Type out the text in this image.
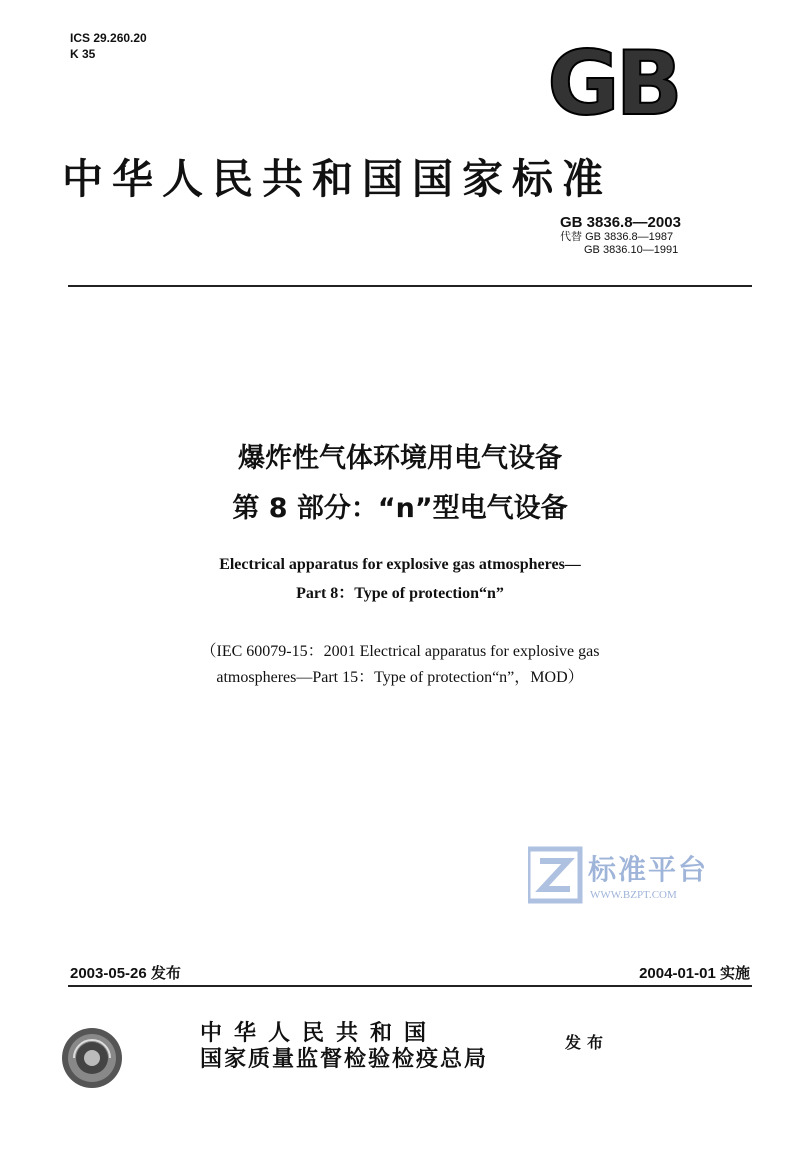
ICS 29.260.20
K 35	GB
中华人民共和国国家标准
GB 3836.8—2003
代替 GB 3836.8—1987
GB 3836.10—1991
爆炸性气体环境用电气设备
第 8 部分：“n”型电气设备
Electrical apparatus for explosive gas atmospheres—
Part 8：Type of protection“n”
（IEC 60079-15：2001 Electrical apparatus for explosive gas
atmospheres—Part 15：Type of protection“n”，MOD）
标准平台
WWW.BZPT.COM
2003-05-26 发布	2004-01-01 实施
中华人民共和国
国家质量监督检验检疫总局
发布
